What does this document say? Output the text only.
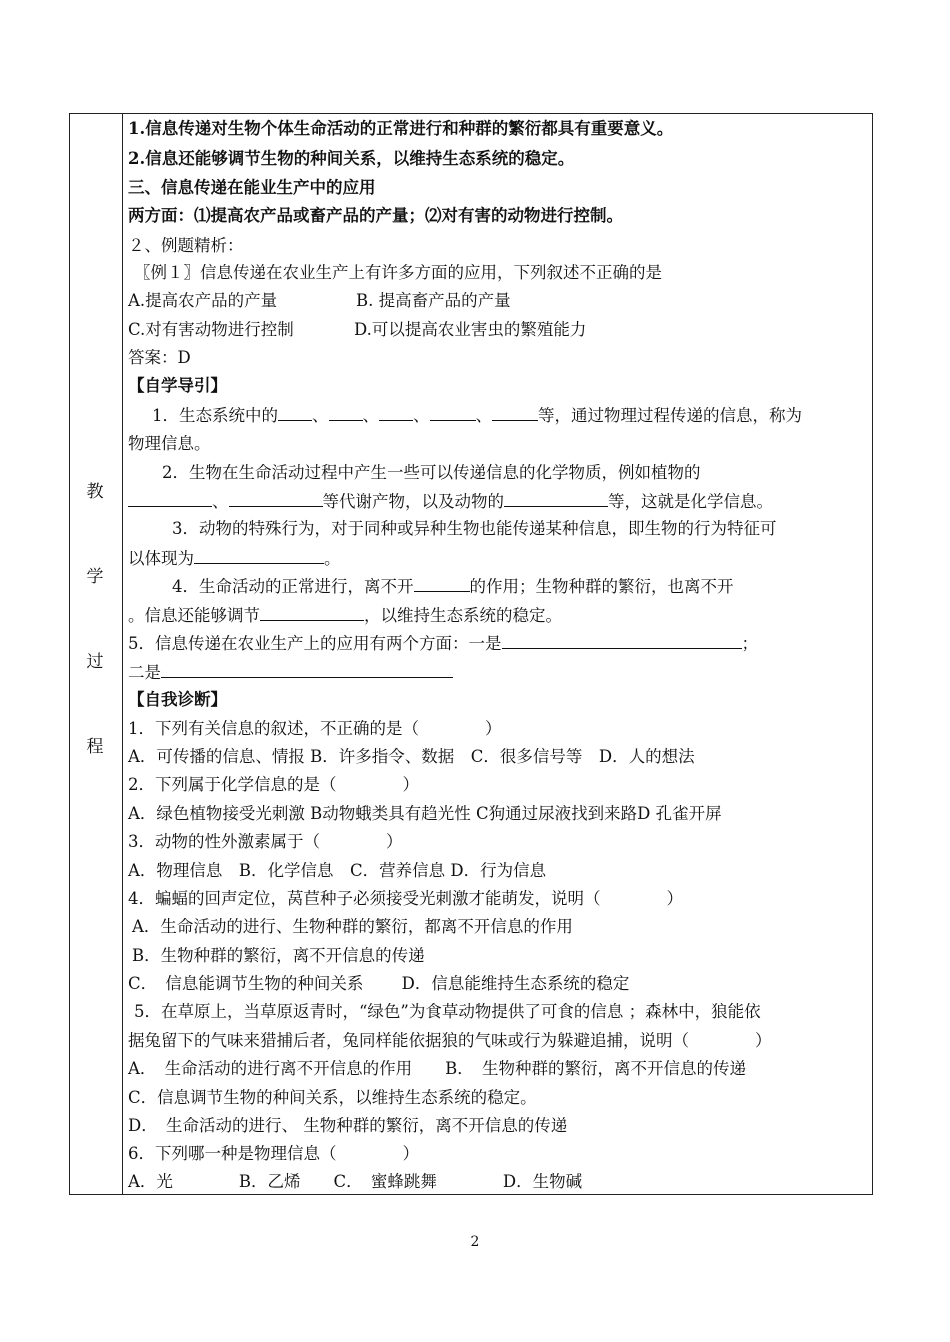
教
学
过
程
1.信息传递对生物个体生命活动的正常进行和种群的繁衍都具有重要意义。
2.信息还能够调节生物的种间关系，以维持生态系统的稳定。
三、信息传递在能业生产中的应用
两方面：⑴提高农产品或畜产品的产量；⑵对有害的动物进行控制。
２、例题精析：
〖例１〗信息传递在农业生产上有许多方面的应用，下列叙述不正确的是
A.提高农产品的产量	B. 提高畜产品的产量
C.对有害动物进行控制	D.可以提高农业害虫的繁殖能力
答案：D
【自学导引】
1．生态系统中的 、 、 、	、	等，通过物理过程传递的信息，称为
物理信息。
2．生物在生命活动过程中产生一些可以传递信息的化学物质，例如植物的
、	等代谢产物，以及动物的	等，这就是化学信息。
3．动物的特殊行为，对于同种或异种生物也能传递某种信息，即生物的行为特征可
以体现为	。
4．生命活动的正常进行，离不开	的作用；生物种群的繁衍，也离不开
。信息还能够调节	，以维持生态系统的稳定。
5．信息传递在农业生产上的应用有两个方面：一是	；
二是
【自我诊断】
1．下列有关信息的叙述，不正确的是（　　　　）
A．可传播的信息、情报 B．许多指令、数据　C．很多信号等　D．人的想法
2．下列属于化学信息的是（　　　　）
A．绿色植物接受光刺激 B动物蛾类具有趋光性 C狗通过尿液找到来路D 孔雀开屏
3．动物的性外激素属于（　　　　）
A．物理信息　B．化学信息　C．营养信息 D．行为信息
4．蝙蝠的回声定位，莴苣种子必须接受光刺激才能萌发，说明（　　　　）
A．生命活动的进行、生物种群的繁衍，都离不开信息的作用
B．生物种群的繁衍，离不开信息的传递
C．　信息能调节生物的种间关系　　 D．信息能维持生态系统的稳定
5．在草原上，当草原返青时，“绿色”为食草动物提供了可食的信息 ；森林中，狼能依
据兔留下的气味来猎捕后者，兔同样能依据狼的气味或行为躲避追捕，说明（　　　　）
A．　生命活动的进行离不开信息的作用　　B．　生物种群的繁衍，离不开信息的传递
C．信息调节生物的种间关系，以维持生态系统的稳定。
D．　生命活动的进行、 生物种群的繁衍，离不开信息的传递
6．下列哪一种是物理信息（　　　　）
A．光　　　　B．乙烯　　C．　蜜蜂跳舞　　　　D．生物碱
2
